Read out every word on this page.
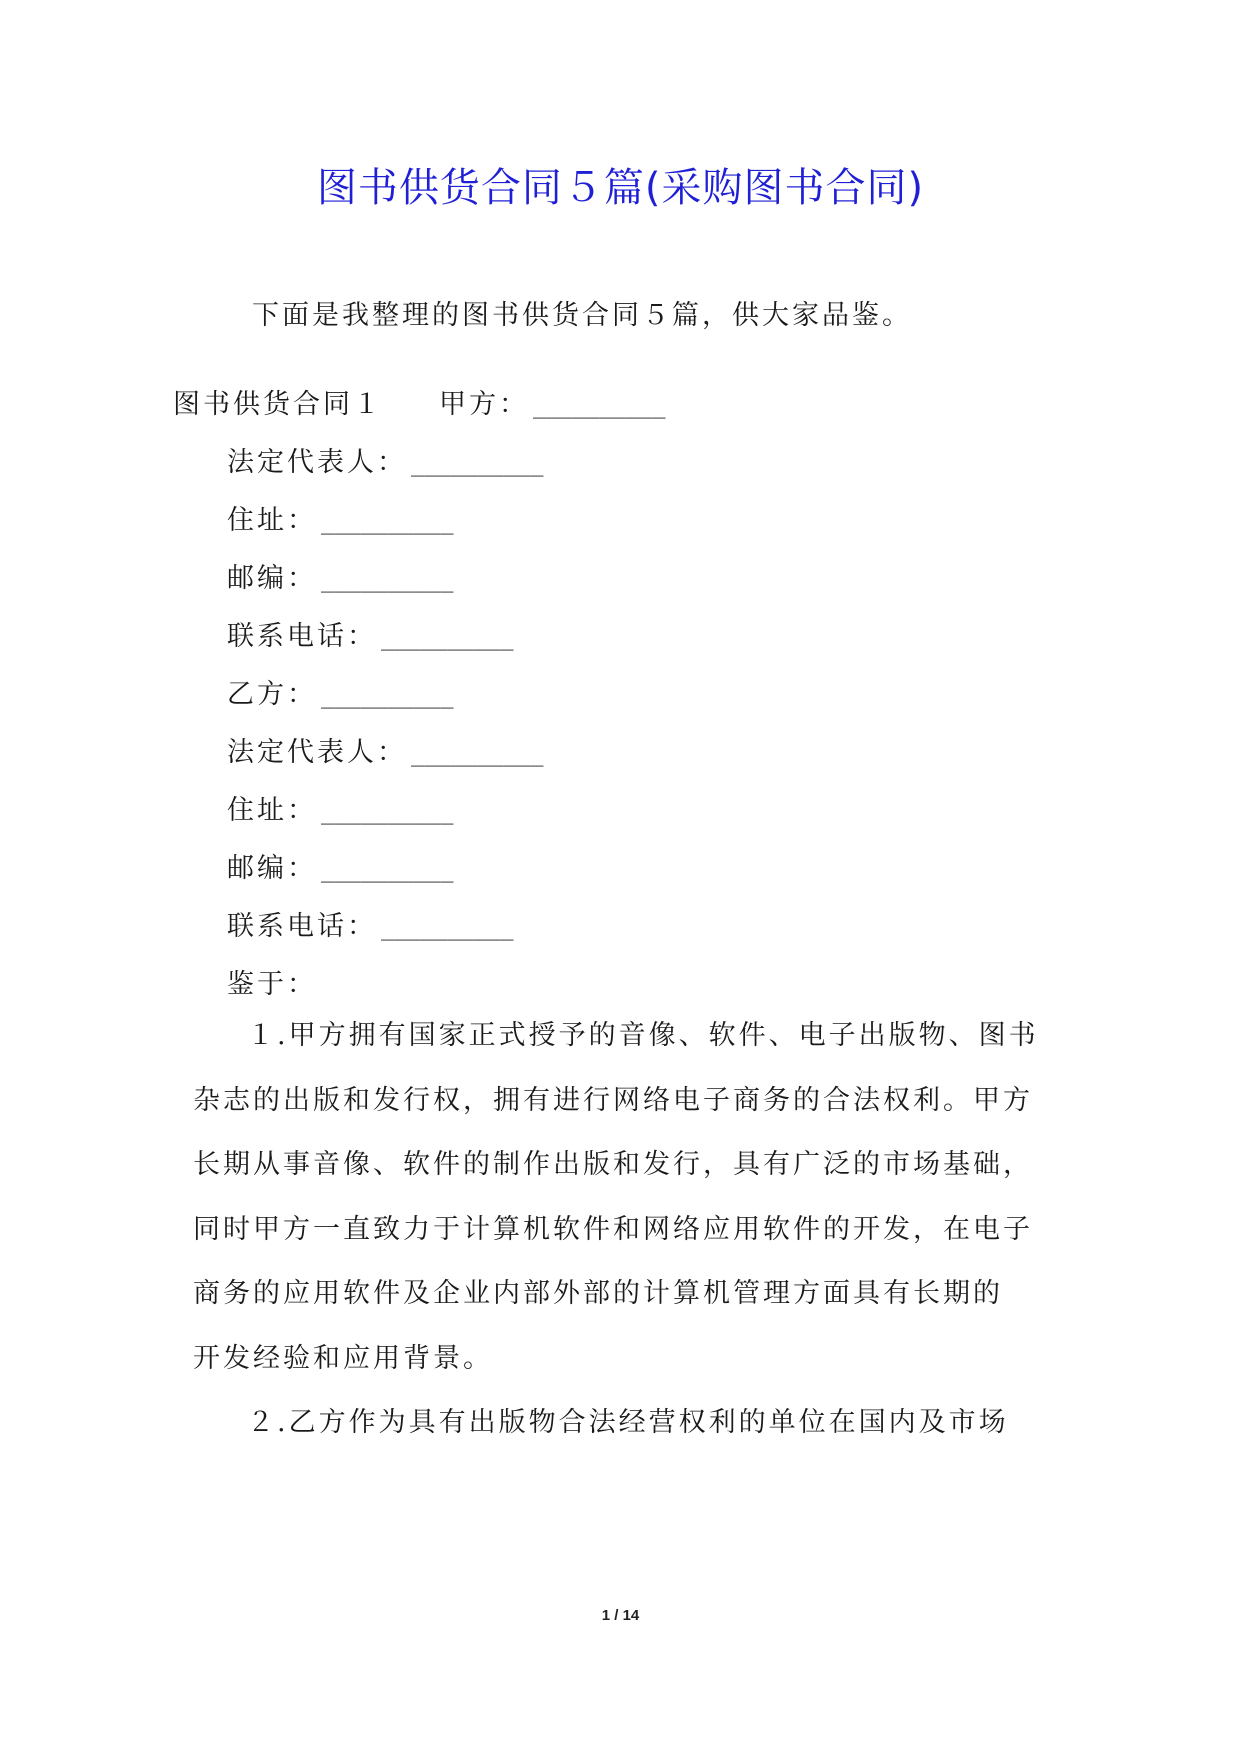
图书供货合同５篇(采购图书合同)

下面是我整理的图书供货合同５篇，供大家品鉴。

图书供货合同１ 甲方： __________

法定代表人： __________

住址： __________

邮编： __________

联系电话： __________

乙方： __________

法定代表人： __________

住址： __________

邮编： __________

联系电话： __________

鉴于：

１.甲方拥有国家正式授予的音像、软件、电子出版物、图书
杂志的出版和发行权，拥有进行网络电子商务的合法权利。甲方
长期从事音像、软件的制作出版和发行，具有广泛的市场基础，
同时甲方一直致力于计算机软件和网络应用软件的开发，在电子
商务的应用软件及企业内部外部的计算机管理方面具有长期的
开发经验和应用背景。
２.乙方作为具有出版物合法经营权利的单位在国内及市场
1 / 14
